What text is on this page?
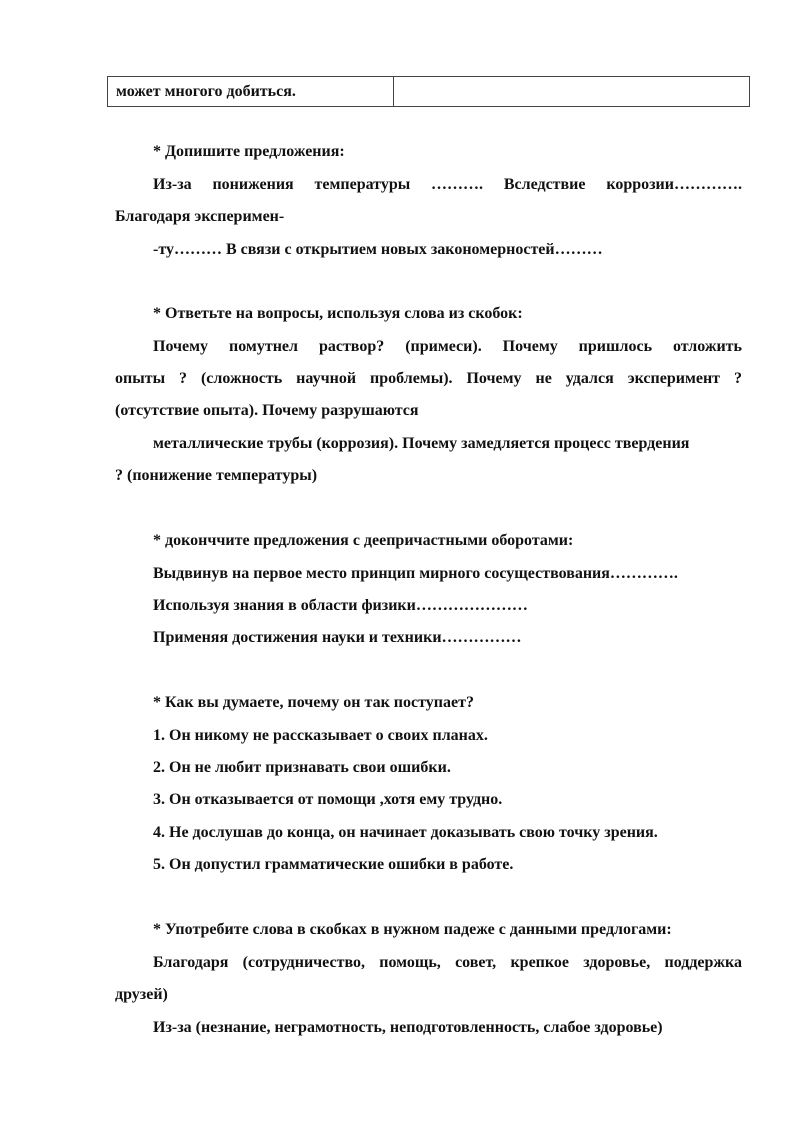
может многого добиться.
* Допишите предложения:
Из-за понижения температуры ………. Вследствие коррозии………….
Благодаря эксперимен-
-ту……… В связи с открытием новых закономерностей………
* Ответьте на вопросы, используя слова из скобок:
Почему помутнел раствор? (примеси). Почему пришлось отложить
опыты ? (сложность научной проблемы). Почему не удался эксперимент ?
(отсутствие опыта). Почему разрушаются
металлические трубы (коррозия). Почему замедляется процесс твердения
? (понижение температуры)
* доконччите предложения с деепричастными оборотами:
Выдвинув на первое место принцип мирного сосуществования………….
Используя знания в области физики…………………
Применяя достижения науки и техники……………
* Как вы думаете, почему он так поступает?
1. Он никому не рассказывает о своих планах.
2. Он не любит признавать свои ошибки.
3. Он отказывается от помощи ,хотя ему трудно.
4. Не дослушав до конца, он начинает доказывать свою точку зрения.
5. Он допустил грамматические ошибки в работе.
* Употребите слова в скобках в нужном падеже с данными предлогами:
Благодаря (сотрудничество, помощь, совет, крепкое здоровье, поддержка
друзей)
Из-за (незнание, неграмотность, неподготовленность, слабое здоровье)
